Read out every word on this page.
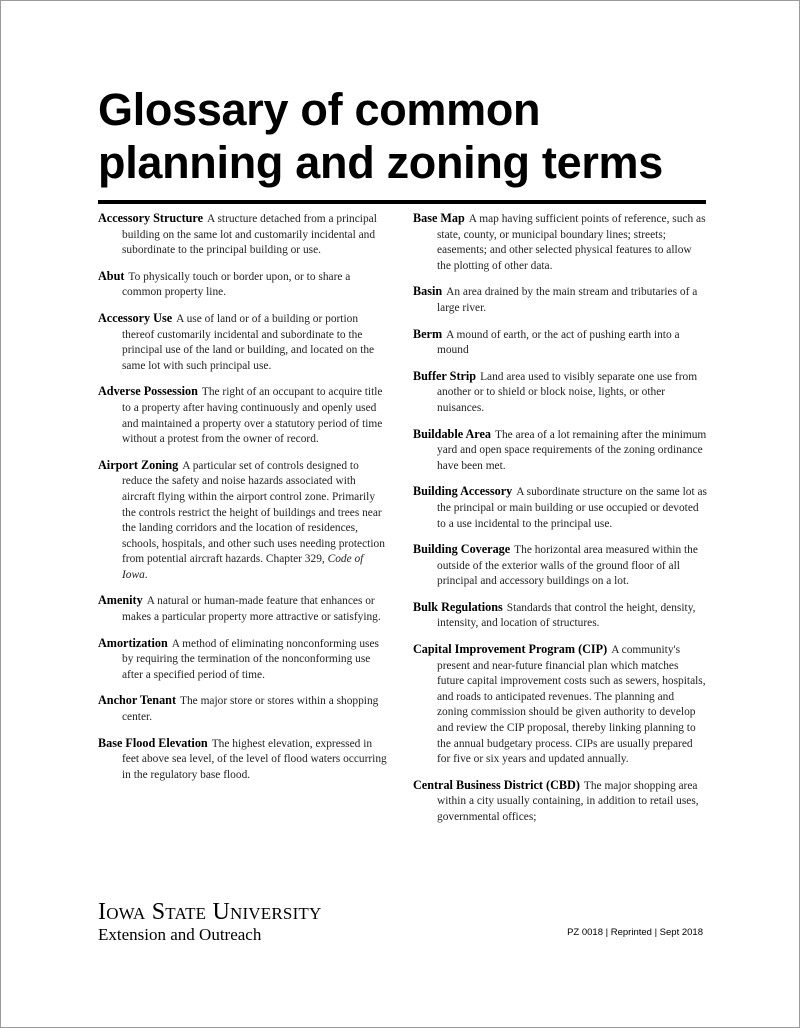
Glossary of common
planning and zoning terms

Accessory Structure A structure detached from a principal building on the same lot and customarily incidental and subordinate to the principal building or use.

Abut To physically touch or border upon, or to share a common property line.

Accessory Use A use of land or of a building or portion thereof customarily incidental and subordinate to the principal use of the land or building, and located on the same lot with such principal use.

Adverse Possession The right of an occupant to acquire title to a property after having continuously and openly used and maintained a property over a statutory period of time without a protest from the owner of record.

Airport Zoning A particular set of controls designed to reduce the safety and noise hazards associated with aircraft flying within the airport control zone. Primarily the controls restrict the height of buildings and trees near the landing corridors and the location of residences, schools, hospitals, and other such uses needing protection from potential aircraft hazards. Chapter 329, Code of Iowa.

Amenity A natural or human-made feature that enhances or makes a particular property more attractive or satisfying.

Amortization A method of eliminating nonconforming uses by requiring the termination of the nonconforming use after a specified period of time.

Anchor Tenant The major store or stores within a shopping center.

Base Flood Elevation The highest elevation, expressed in feet above sea level, of the level of flood waters occurring in the regulatory base flood.

Base Map A map having sufficient points of reference, such as state, county, or municipal boundary lines; streets; easements; and other selected physical features to allow the plotting of other data.

Basin An area drained by the main stream and tributaries of a large river.

Berm A mound of earth, or the act of pushing earth into a mound

Buffer Strip Land area used to visibly separate one use from another or to shield or block noise, lights, or other nuisances.

Buildable Area The area of a lot remaining after the minimum yard and open space requirements of the zoning ordinance have been met.

Building Accessory A subordinate structure on the same lot as the principal or main building or use occupied or devoted to a use incidental to the principal use.

Building Coverage The horizontal area measured within the outside of the exterior walls of the ground floor of all principal and accessory buildings on a lot.

Bulk Regulations Standards that control the height, density, intensity, and location of structures.

Capital Improvement Program (CIP) A community's present and near-future financial plan which matches future capital improvement costs such as sewers, hospitals, and roads to anticipated revenues. The planning and zoning commission should be given authority to develop and review the CIP proposal, thereby linking planning to the annual budgetary process. CIPs are usually prepared for five or six years and updated annually.

Central Business District (CBD) The major shopping area within a city usually containing, in addition to retail uses, governmental offices;

Iowa State University
Extension and Outreach	PZ 0018 | Reprinted | Sept 2018
